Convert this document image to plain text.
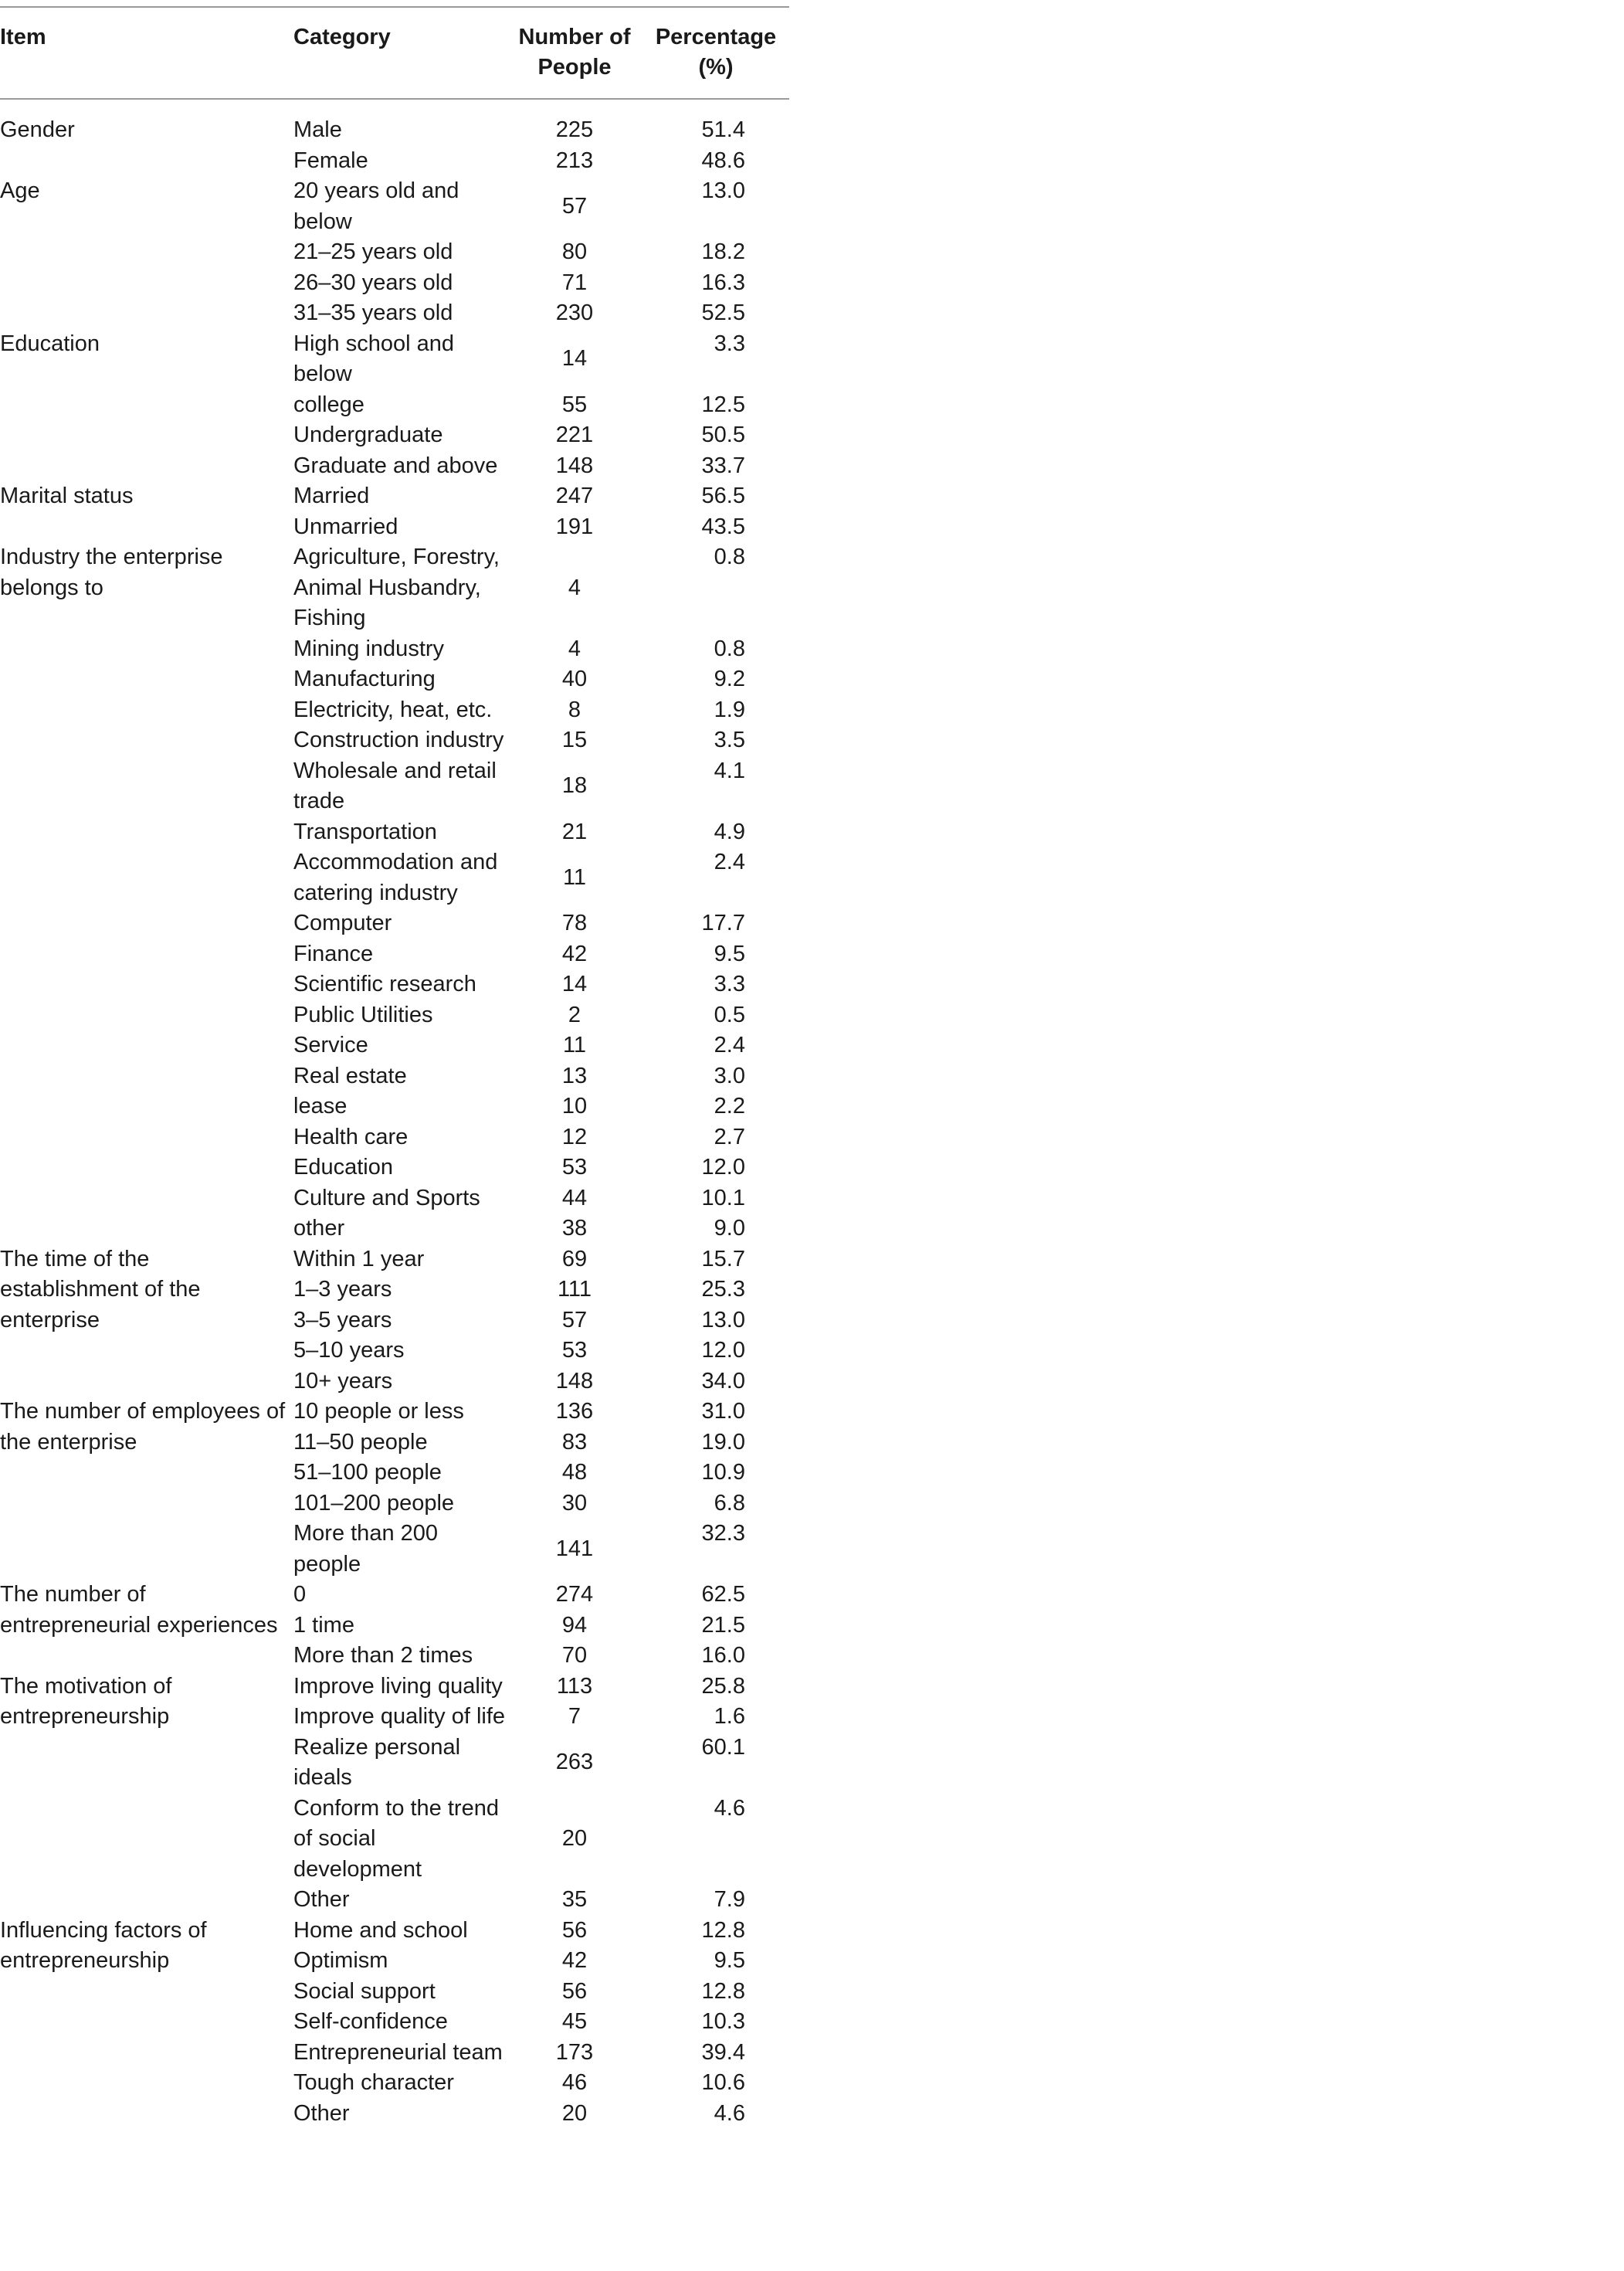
Item	Category	Number of People	Percentage (%)
Gender	Male	225	51.4
	Female	213	48.6
Age	20 years old and below	57	13.0
	21–25 years old	80	18.2
	26–30 years old	71	16.3
	31–35 years old	230	52.5
Education	High school and below	14	3.3
	college	55	12.5
	Undergraduate	221	50.5
	Graduate and above	148	33.7
Marital status	Married	247	56.5
	Unmarried	191	43.5
Industry the enterprise belongs to	Agriculture, Forestry, Animal Husbandry, Fishing	4	0.8
	Mining industry	4	0.8
	Manufacturing	40	9.2
	Electricity, heat, etc.	8	1.9
	Construction industry	15	3.5
	Wholesale and retail trade	18	4.1
	Transportation	21	4.9
	Accommodation and catering industry	11	2.4
	Computer	78	17.7
	Finance	42	9.5
	Scientific research	14	3.3
	Public Utilities	2	0.5
	Service	11	2.4
	Real estate	13	3.0
	lease	10	2.2
	Health care	12	2.7
	Education	53	12.0
	Culture and Sports	44	10.1
	other	38	9.0
The time of the establishment of the enterprise	Within 1 year	69	15.7
	1–3 years	111	25.3
	3–5 years	57	13.0
	5–10 years	53	12.0
	10+ years	148	34.0
The number of employees of the enterprise	10 people or less	136	31.0
	11–50 people	83	19.0
	51–100 people	48	10.9
	101–200 people	30	6.8
	More than 200 people	141	32.3
The number of entrepreneurial experiences	0	274	62.5
	1 time	94	21.5
	More than 2 times	70	16.0
The motivation of entrepreneurship	Improve living quality	113	25.8
	Improve quality of life	7	1.6
	Realize personal ideals	263	60.1
	Conform to the trend of social development	20	4.6
	Other	35	7.9
Influencing factors of entrepreneurship	Home and school	56	12.8
	Optimism	42	9.5
	Social support	56	12.8
	Self-confidence	45	10.3
	Entrepreneurial team	173	39.4
	Tough character	46	10.6
	Other	20	4.6
